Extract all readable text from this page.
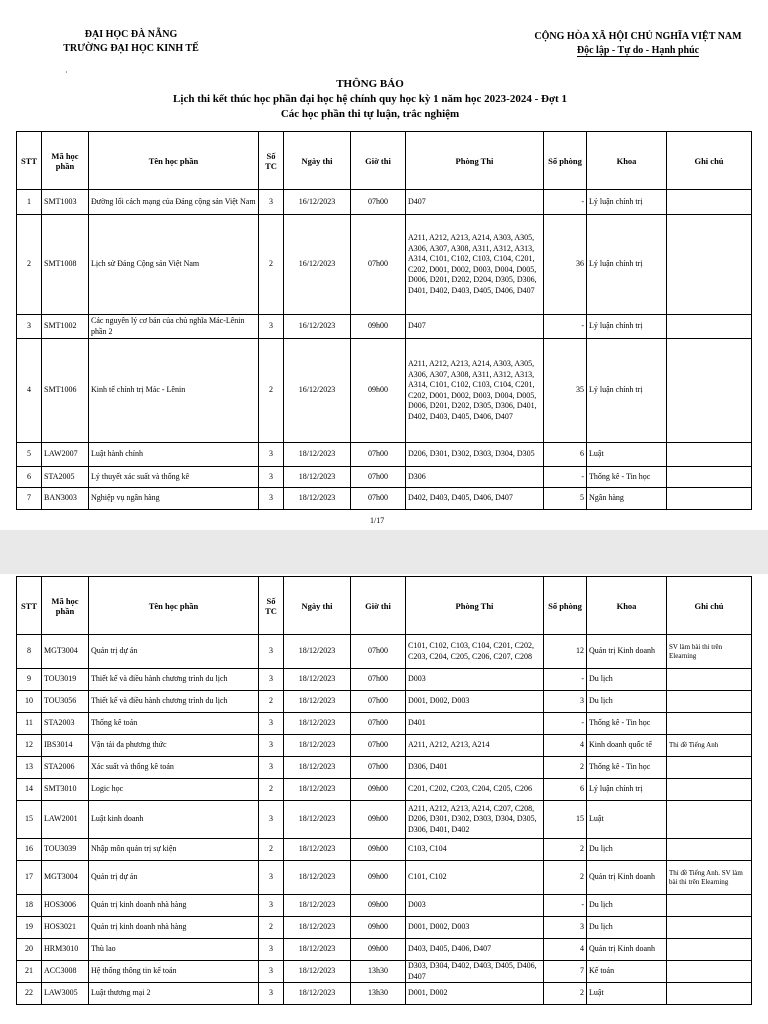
ĐẠI HỌC ĐÀ NẴNG
TRƯỜNG ĐẠI HỌC KINH TẾ
·
CỘNG HÒA XÃ HỘI CHỦ NGHĨA VIỆT NAM
Độc lập - Tự do - Hạnh phúc
THÔNG BÁO
Lịch thi kết thúc học phần đại học hệ chính quy học kỳ 1 năm học 2023-2024 - Đợt 1
Các học phần thi tự luận, trắc nghiệm
STT	Mã học phần	Tên học phần	Số TC	Ngày thi	Giờ thi	Phòng Thi	Số phòng	Khoa	Ghi chú
1	SMT1003	Đường lối cách mạng của Đảng cộng sản Việt Nam	3	16/12/2023	07h00	D407	-	Lý luận chính trị	
2	SMT1008	Lịch sử Đảng Cộng sản Việt Nam	2	16/12/2023	07h00	A211, A212, A213, A214, A303, A305, A306, A307, A308, A311, A312, A313, A314, C101, C102, C103, C104, C201, C202, D001, D002, D003, D004, D005, D006, D201, D202, D204, D305, D306, D401, D402, D403, D405, D406, D407	36	Lý luận chính trị	
3	SMT1002	Các nguyên lý cơ bản của chủ nghĩa Mác-Lênin phần 2	3	16/12/2023	09h00	D407	-	Lý luận chính trị	
4	SMT1006	Kinh tế chính trị Mác - Lênin	2	16/12/2023	09h00	A211, A212, A213, A214, A303, A305, A306, A307, A308, A311, A312, A313, A314, C101, C102, C103, C104, C201, C202, D001, D002, D003, D004, D005, D006, D201, D202, D305, D306, D401, D402, D403, D405, D406, D407	35	Lý luận chính trị	
5	LAW2007	Luật hành chính	3	18/12/2023	07h00	D206, D301, D302, D303, D304, D305	6	Luật	
6	STA2005	Lý thuyết xác suất và thống kê	3	18/12/2023	07h00	D306	-	Thống kê - Tin học	
7	BAN3003	Nghiệp vụ ngân hàng	3	18/12/2023	07h00	D402, D403, D405, D406, D407	5	Ngân hàng	
1/17
STT	Mã học phần	Tên học phần	Số TC	Ngày thi	Giờ thi	Phòng Thi	Số phòng	Khoa	Ghi chú
8	MGT3004	Quản trị dự án	3	18/12/2023	07h00	C101, C102, C103, C104, C201, C202, C203, C204, C205, C206, C207, C208	12	Quản trị Kinh doanh	SV làm bài thi trên Elearning
9	TOU3019	Thiết kế và điều hành chương trình du lịch	3	18/12/2023	07h00	D003	-	Du lịch	
10	TOU3056	Thiết kế và điều hành chương trình du lịch	2	18/12/2023	07h00	D001, D002, D003	3	Du lịch	
11	STA2003	Thống kê toán	3	18/12/2023	07h00	D401	-	Thống kê - Tin học	
12	IBS3014	Vận tải đa phương thức	3	18/12/2023	07h00	A211, A212, A213, A214	4	Kinh doanh quốc tế	Thi đề Tiếng Anh
13	STA2006	Xác suất và thống kê toán	3	18/12/2023	07h00	D306, D401	2	Thống kê - Tin học	
14	SMT3010	Logic học	2	18/12/2023	09h00	C201, C202, C203, C204, C205, C206	6	Lý luận chính trị	
15	LAW2001	Luật kinh doanh	3	18/12/2023	09h00	A211, A212, A213, A214, C207, C208, D206, D301, D302, D303, D304, D305, D306, D401, D402	15	Luật	
16	TOU3039	Nhập môn quản trị sự kiện	2	18/12/2023	09h00	C103, C104	2	Du lịch	
17	MGT3004	Quản trị dự án	3	18/12/2023	09h00	C101, C102	2	Quản trị Kinh doanh	Thi đề Tiếng Anh. SV làm bài thi trên Elearning
18	HOS3006	Quản trị kinh doanh nhà hàng	3	18/12/2023	09h00	D003	-	Du lịch	
19	HOS3021	Quản trị kinh doanh nhà hàng	2	18/12/2023	09h00	D001, D002, D003	3	Du lịch	
20	HRM3010	Thù lao	3	18/12/2023	09h00	D403, D405, D406, D407	4	Quản trị Kinh doanh	
21	ACC3008	Hệ thống thông tin kế toán	3	18/12/2023	13h30	D303, D304, D402, D403, D405, D406, D407	7	Kế toán	
22	LAW3005	Luật thương mại 2	3	18/12/2023	13h30	D001, D002	2	Luật	
